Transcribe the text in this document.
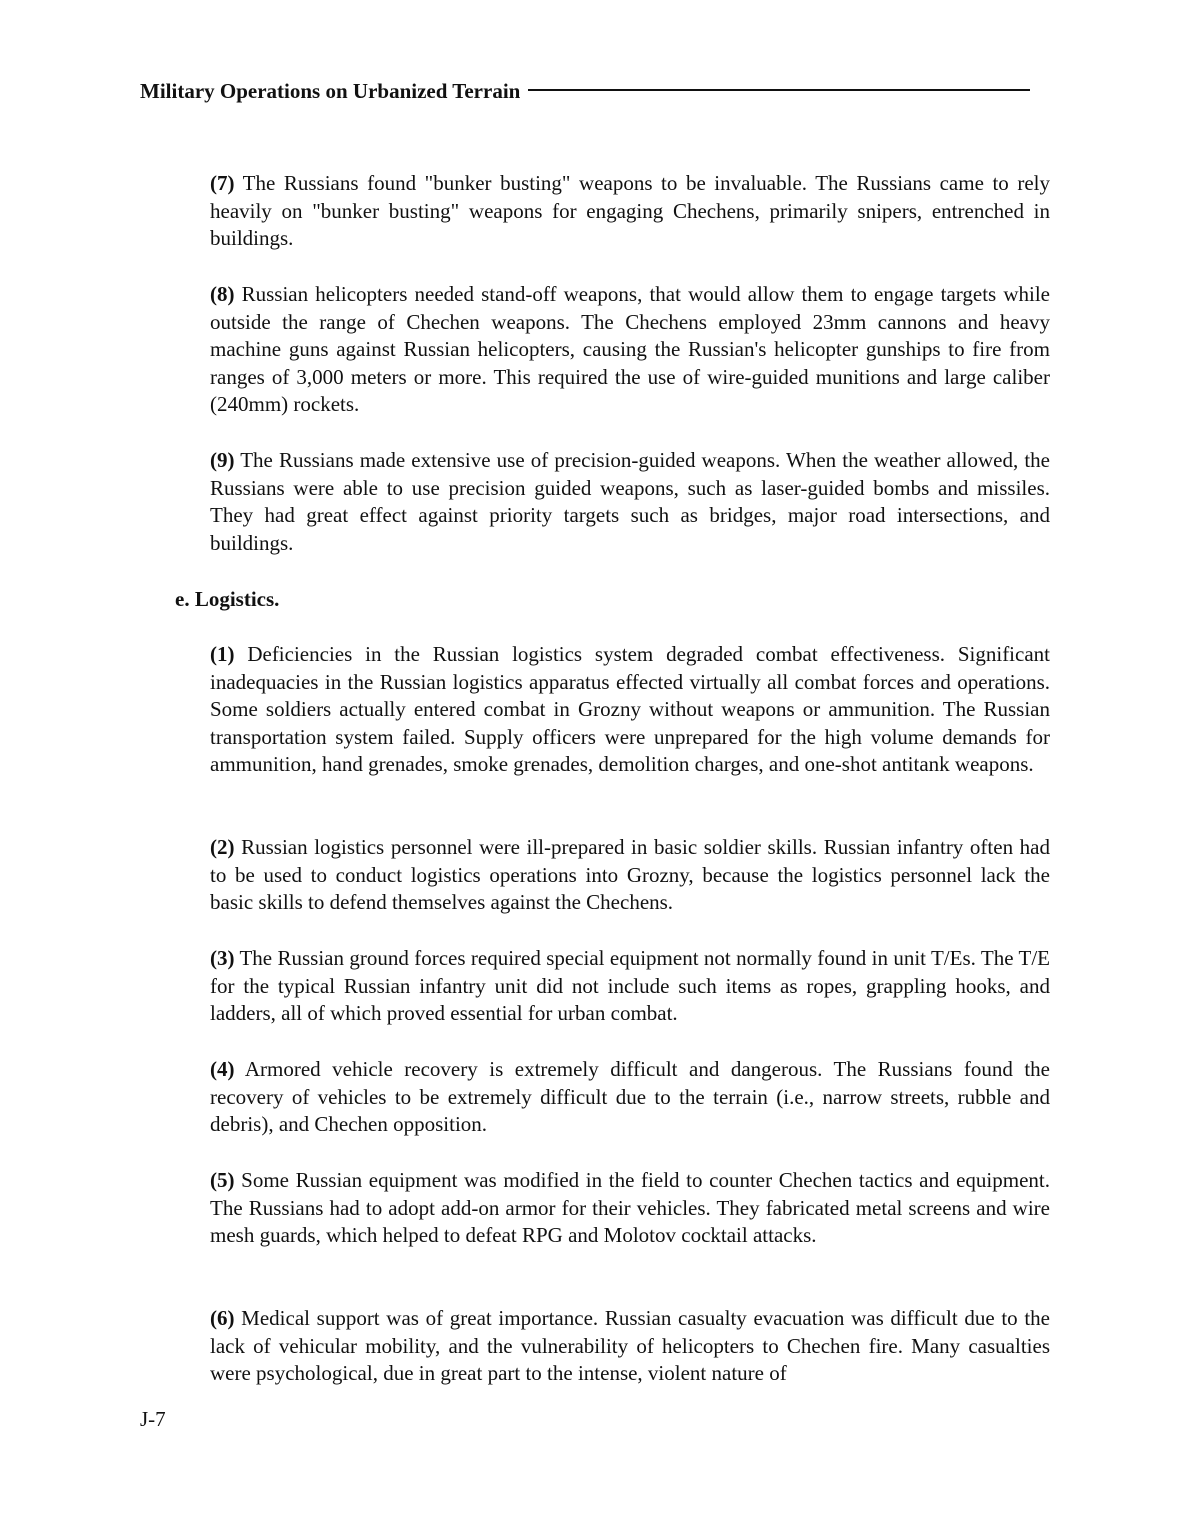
Military Operations on Urbanized Terrain

(7) The Russians found "bunker busting" weapons to be invaluable. The Russians came to rely heavily on "bunker busting" weapons for engaging Chechens, primarily snipers, entrenched in buildings.

(8) Russian helicopters needed stand-off weapons, that would allow them to engage targets while outside the range of Chechen weapons. The Chechens employed 23mm cannons and heavy machine guns against Russian helicopters, causing the Russian's helicopter gunships to fire from ranges of 3,000 meters or more. This required the use of wire-guided munitions and large caliber (240mm) rockets.

(9) The Russians made extensive use of precision-guided weapons. When the weather allowed, the Russians were able to use precision guided weapons, such as laser-guided bombs and missiles. They had great effect against priority targets such as bridges, major road intersections, and buildings.

e. Logistics.

(1) Deficiencies in the Russian logistics system degraded combat effectiveness. Significant inadequacies in the Russian logistics apparatus effected virtually all combat forces and operations. Some soldiers actually entered combat in Grozny without weapons or ammunition. The Russian transportation system failed. Supply officers were unprepared for the high volume demands for ammunition, hand grenades, smoke grenades, demolition charges, and one-shot antitank weapons.

(2) Russian logistics personnel were ill-prepared in basic soldier skills. Russian infantry often had to be used to conduct logistics operations into Grozny, because the logistics personnel lack the basic skills to defend themselves against the Chechens.

(3) The Russian ground forces required special equipment not normally found in unit T/Es. The T/E for the typical Russian infantry unit did not include such items as ropes, grappling hooks, and ladders, all of which proved essential for urban combat.

(4) Armored vehicle recovery is extremely difficult and dangerous. The Russians found the recovery of vehicles to be extremely difficult due to the terrain (i.e., narrow streets, rubble and debris), and Chechen opposition.

(5) Some Russian equipment was modified in the field to counter Chechen tactics and equipment. The Russians had to adopt add-on armor for their vehicles. They fabricated metal screens and wire mesh guards, which helped to defeat RPG and Molotov cocktail attacks.

(6) Medical support was of great importance. Russian casualty evacuation was difficult due to the lack of vehicular mobility, and the vulnerability of helicopters to Chechen fire. Many casualties were psychological, due in great part to the intense, violent nature of

J-7
